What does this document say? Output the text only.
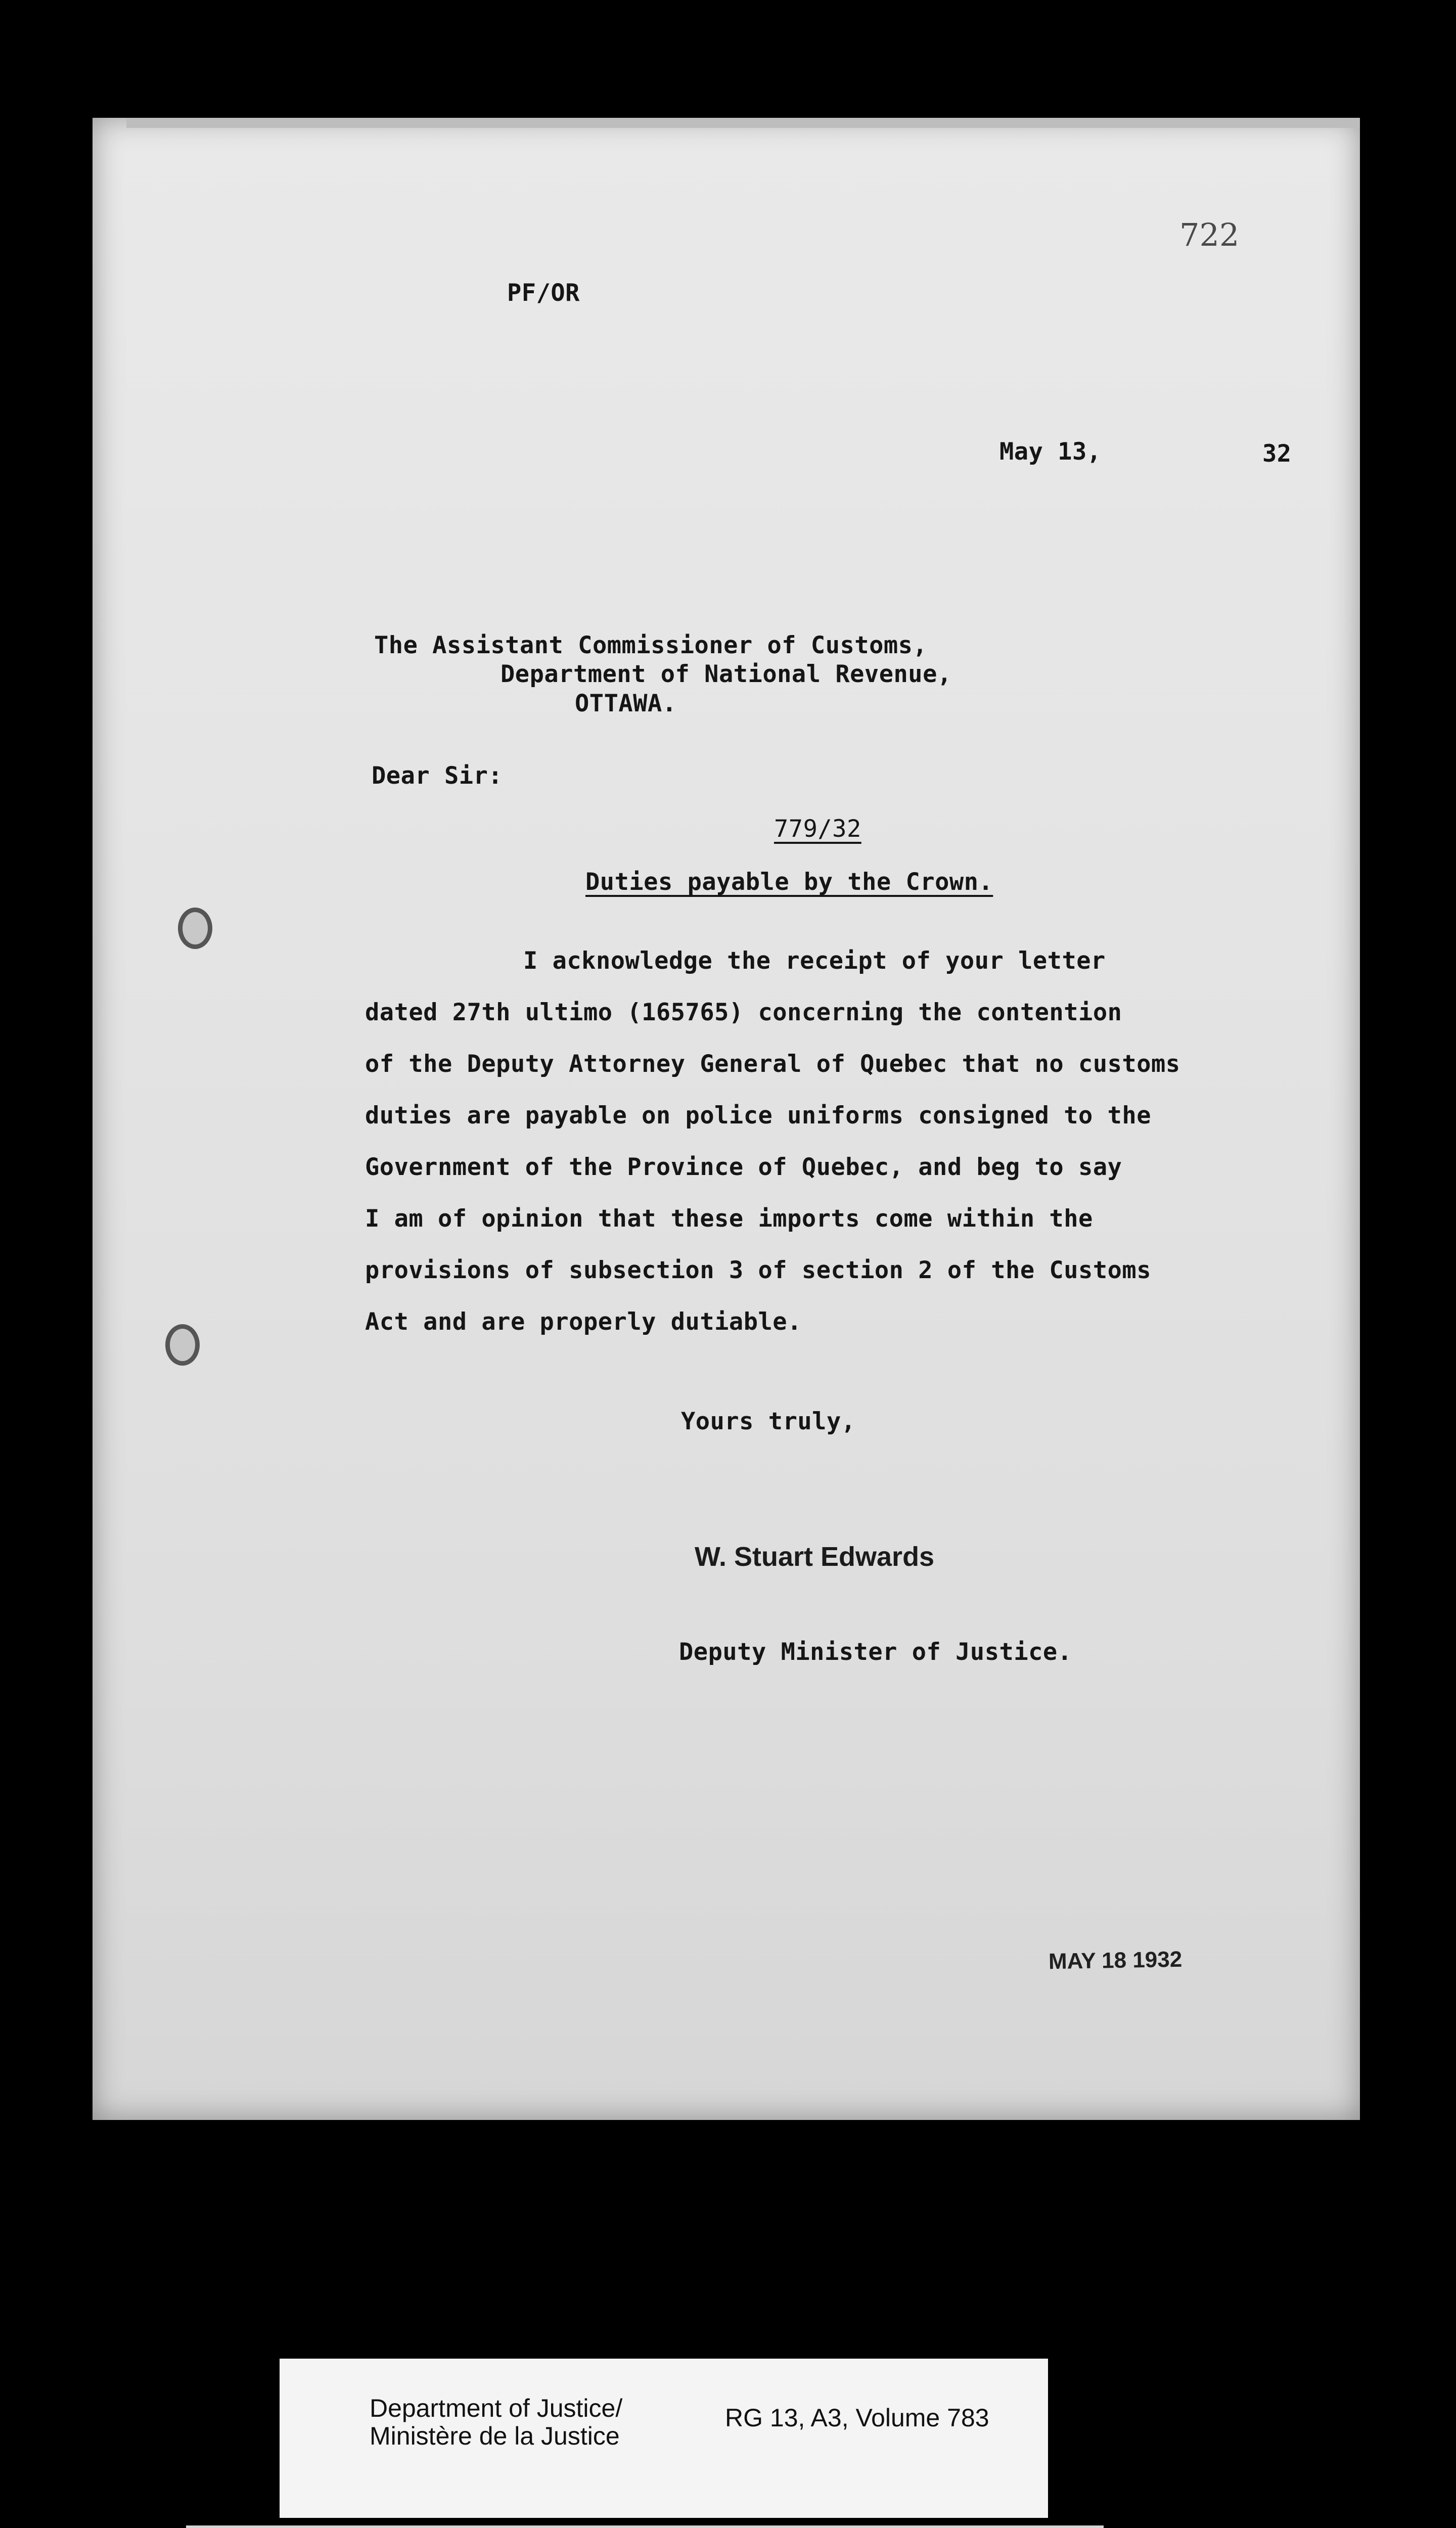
722
PF/OR
May 13,	32
The Assistant Commissioner of Customs,
Department of National Revenue,
OTTAWA.
Dear Sir:
779/32
Duties payable by the Crown.
I acknowledge the receipt of your letter
dated 27th ultimo (165765) concerning the contention
of the Deputy Attorney General of Quebec that no customs
duties are payable on police uniforms consigned to the
Government of the Province of Quebec, and beg to say
I am of opinion that these imports come within the
provisions of subsection 3 of section 2 of the Customs
Act and are properly dutiable.
Yours truly,
W. Stuart Edwards
Deputy Minister of Justice.
MAY 18 1932
Department of Justice/
Ministère de la Justice
RG 13, A3, Volume 783
